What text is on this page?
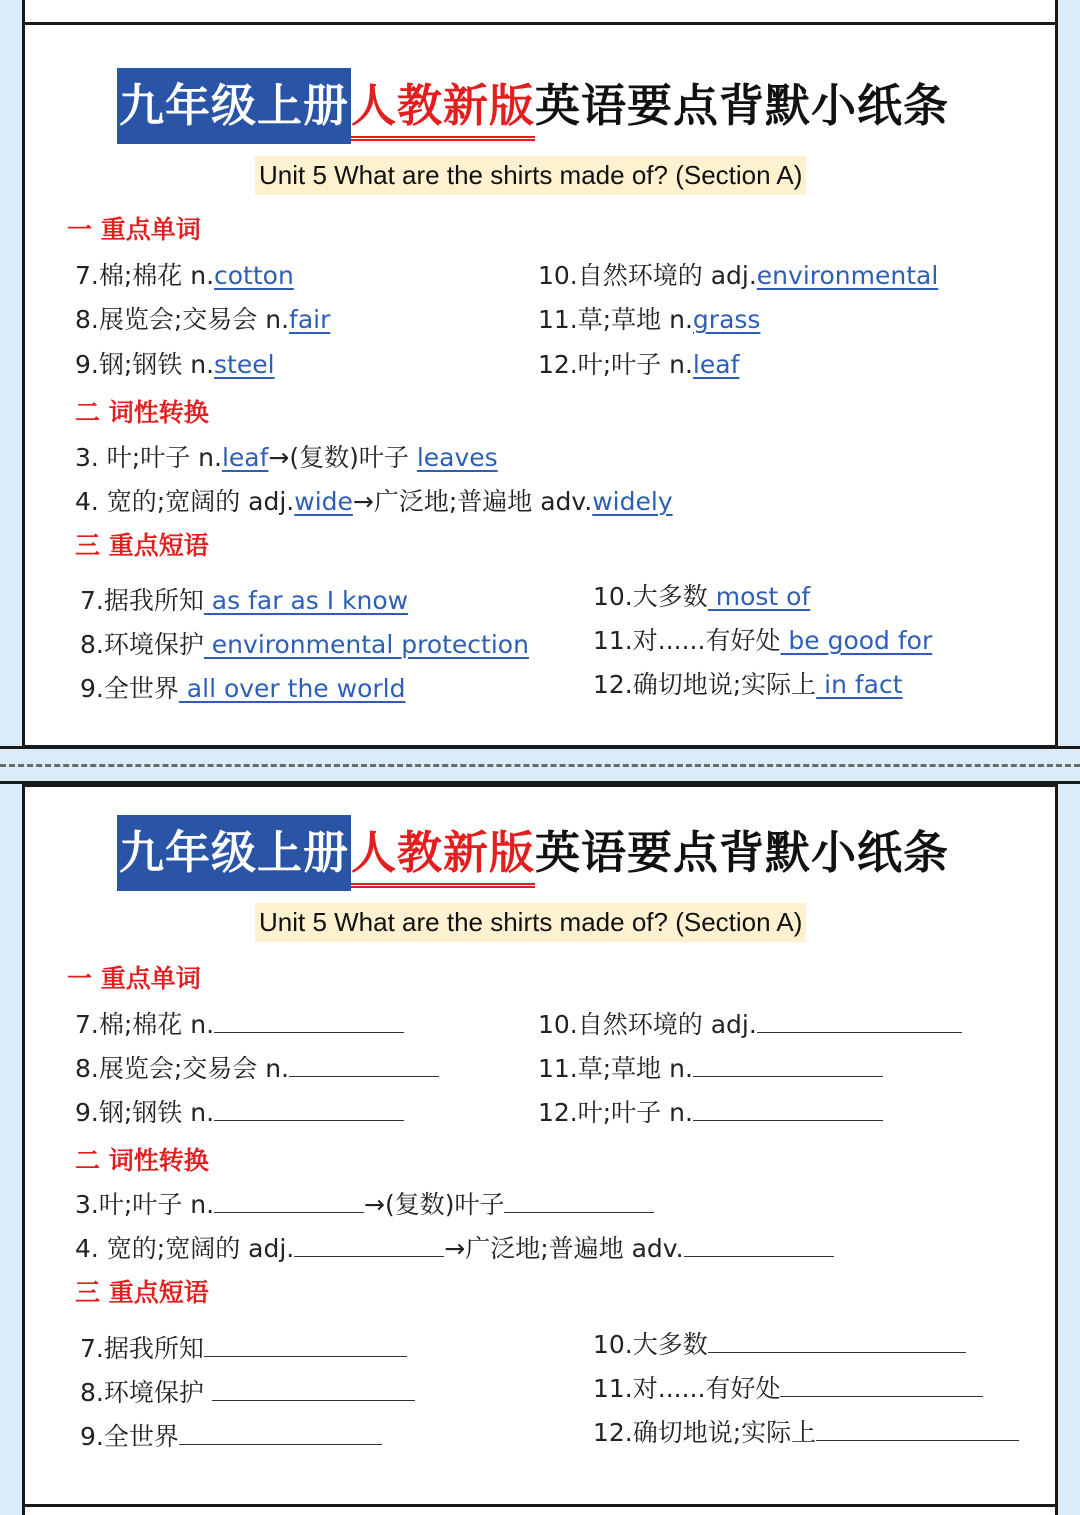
九年级上册人教新版英语要点背默小纸条
Unit 5 What are the shirts made of? (Section A)
一 重点单词
7.棉;棉花 n.cotton
8.展览会;交易会 n.fair
9.钢;钢铁 n.steel
10.自然环境的 adj.environmental
11.草;草地 n.grass
12.叶;叶子 n.leaf
二 词性转换
3. 叶;叶子 n.leaf→(复数)叶子 leaves
4. 宽的;宽阔的 adj.wide→广泛地;普遍地 adv.widely
三 重点短语
7.据我所知 as far as I know
8.环境保护 environmental protection
9.全世界 all over the world
10.大多数 most of
11.对......有好处 be good for
12.确切地说;实际上 in fact
九年级上册人教新版英语要点背默小纸条
Unit 5 What are the shirts made of? (Section A)
一 重点单词
7.棉;棉花 n.
8.展览会;交易会 n.
9.钢;钢铁 n.
10.自然环境的 adj.
11.草;草地 n.
12.叶;叶子 n.
二 词性转换
3.叶;叶子 n.	→(复数)叶子
4. 宽的;宽阔的 adj.	→广泛地;普遍地 adv.
三 重点短语
7.据我所知
8.环境保护
9.全世界
10.大多数
11.对......有好处
12.确切地说;实际上
